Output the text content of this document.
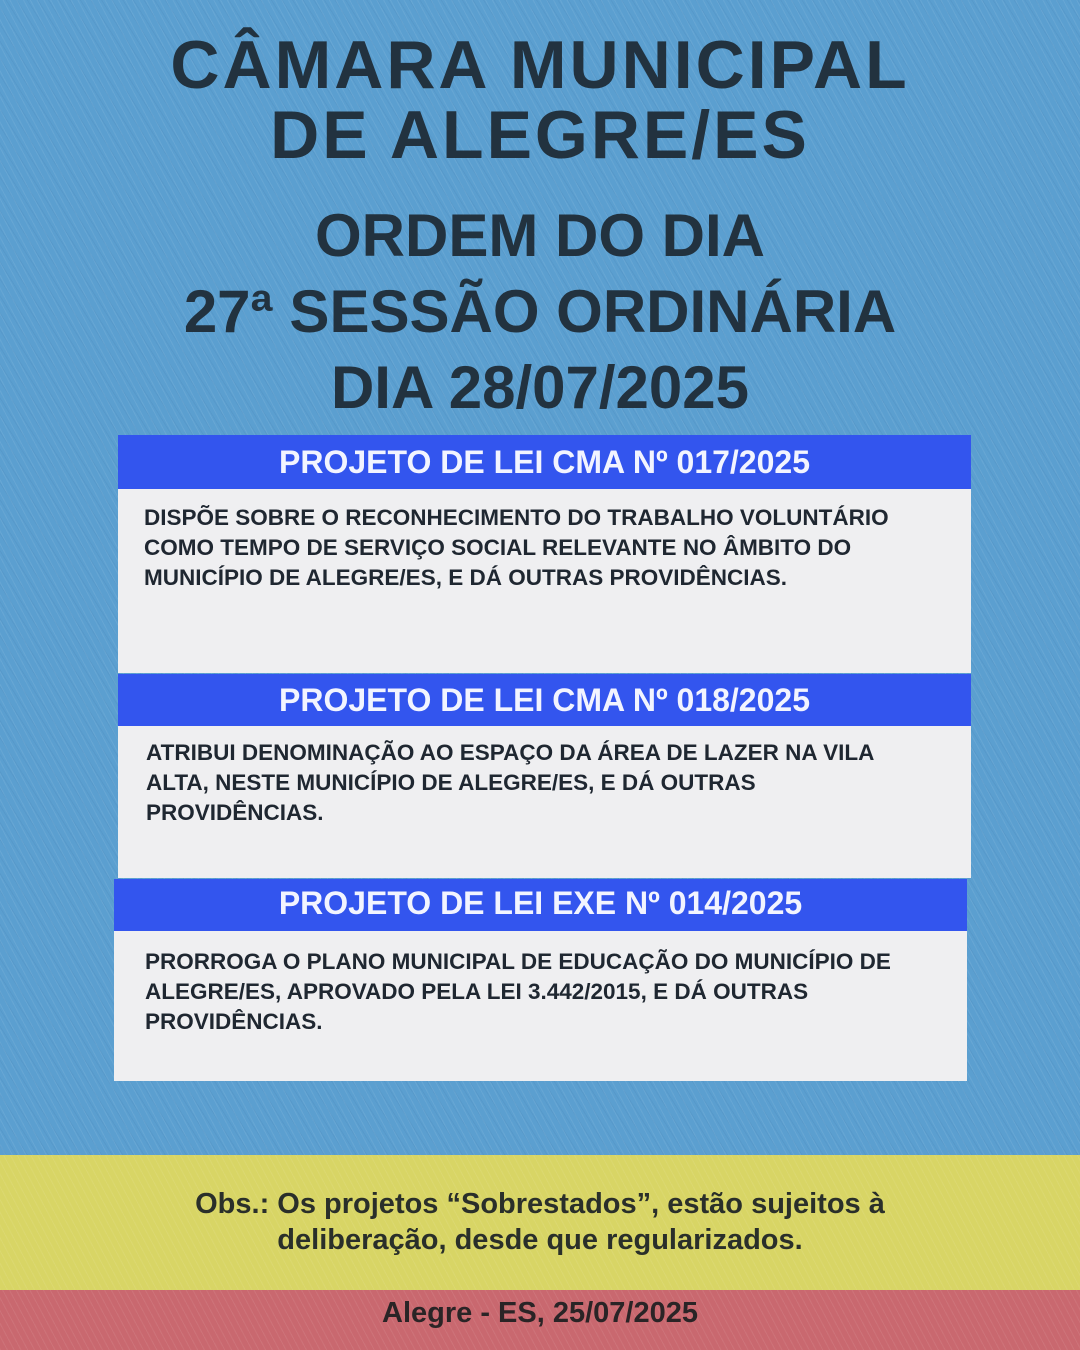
CÂMARA MUNICIPAL
DE ALEGRE/ES
ORDEM DO DIA
27ª SESSÃO ORDINÁRIA
DIA 28/07/2025
PROJETO DE LEI CMA Nº 017/2025
DISPÕE SOBRE O RECONHECIMENTO DO TRABALHO VOLUNTÁRIO
COMO TEMPO DE SERVIÇO SOCIAL RELEVANTE NO ÂMBITO DO
MUNICÍPIO DE ALEGRE/ES, E DÁ OUTRAS PROVIDÊNCIAS.
PROJETO DE LEI CMA Nº 018/2025
ATRIBUI DENOMINAÇÃO AO ESPAÇO DA ÁREA DE LAZER NA VILA
ALTA, NESTE MUNICÍPIO DE ALEGRE/ES, E DÁ OUTRAS
PROVIDÊNCIAS.
PROJETO DE LEI EXE Nº 014/2025
PRORROGA O PLANO MUNICIPAL DE EDUCAÇÃO DO MUNICÍPIO DE
ALEGRE/ES, APROVADO PELA LEI 3.442/2015, E DÁ OUTRAS
PROVIDÊNCIAS.

Obs.: Os projetos “Sobrestados”, estão sujeitos à
deliberação, desde que regularizados.

Alegre - ES, 25/07/2025
